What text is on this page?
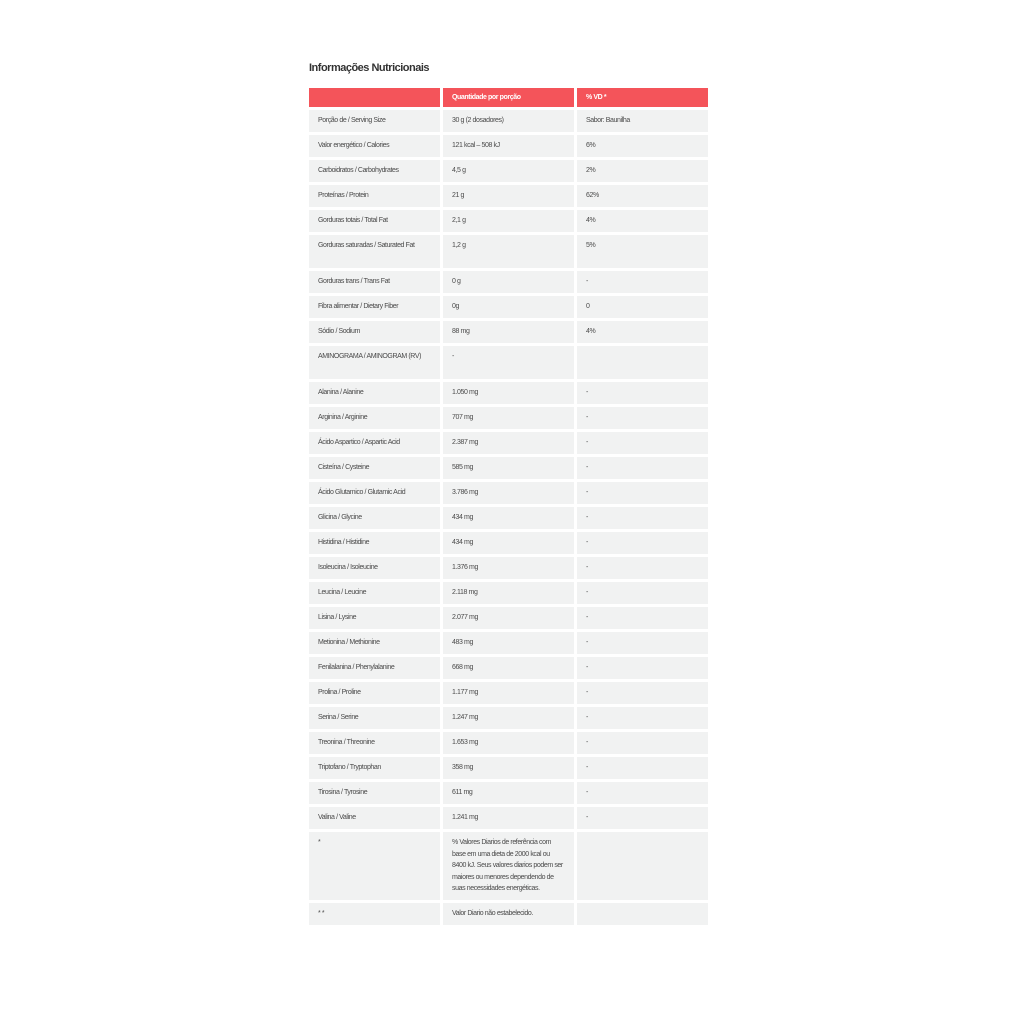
Informações Nutricionais
	Quantidade por porção	% VD *
Porção de / Serving Size	30 g (2 dosadores)	Sabor: Baunilha
Valor energético / Calories	121 kcal – 508 kJ	6%
Carboidratos / Carbohydrates	4,5 g	2%
Proteínas / Protein	21 g	62%
Gorduras totais / Total Fat	2,1 g	4%
Gorduras saturadas / Saturated Fat	1,2 g	5%
Gorduras trans / Trans Fat	0 g	-
Fibra alimentar / Dietary Fiber	0g	0
Sódio / Sodium	88 mg	4%
AMINOGRAMA / AMINOGRAM (RV)	-	
Alanina / Alanine	1.050 mg	-
Arginina / Arginine	707 mg	-
Ácido Aspartico / Aspartic Acid	2.387 mg	-
Cisteína / Cysteine	585 mg	-
Ácido Glutamico / Glutamic Acid	3.786 mg	-
Glicina / Glycine	434 mg	-
Histidina / Histidine	434 mg	-
Isoleucina / Isoleucine	1.376 mg	-
Leucina / Leucine	2.118 mg	-
Lisina / Lysine	2.077 mg	-
Metionina / Methionine	483 mg	-
Fenilalanina / Phenylalanine	668 mg	-
Prolina / Proline	1.177 mg	-
Serina / Serine	1.247 mg	-
Treonina / Threonine	1.653 mg	-
Triptofano / Tryptophan	358 mg	-
Tirosina / Tyrosine	611 mg	-
Valina / Valine	1.241 mg	-
*	% Valores Diarios de referência com base em uma dieta de 2000 kcal ou 8400 kJ. Seus valores diarios podem ser maiores ou menores dependendo de suas necessidades energéticas.	
* *	Valor Diario não estabelecido.	
